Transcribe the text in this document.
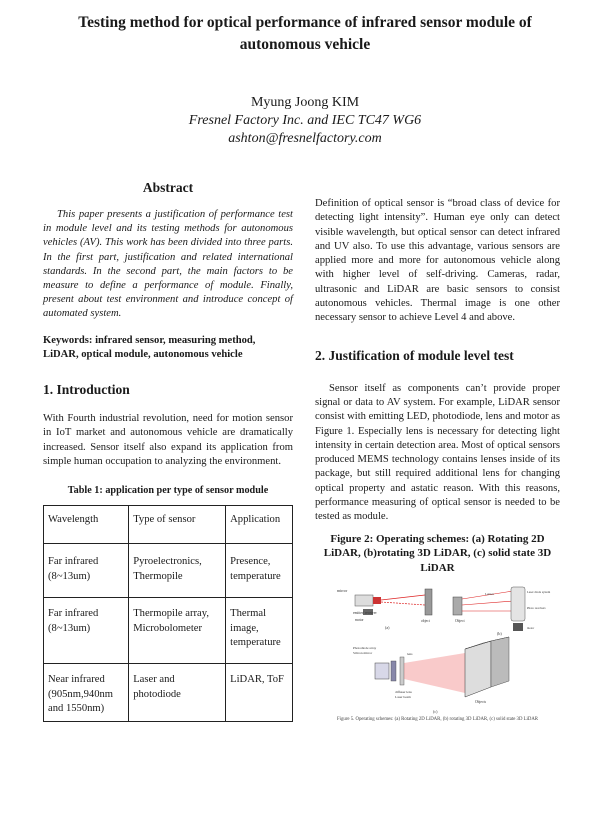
Testing method for optical performance of infrared sensor module of autonomous vehicle
Myung Joong KIM
Fresnel Factory Inc. and IEC TC47 WG6
ashton@fresnelfactory.com
Abstract

This paper presents a justification of performance test in module level and its testing methods for autonomous vehicles (AV). This work has been divided into three parts. In the first part, justification and related international standards. In the second part, the main factors to be measure to define a performance of module. Finally, present about test environment and introduce concept of automated system.

Keywords: infrared sensor, measuring method, LiDAR, optical module, autonomous vehicle
1. Introduction

With Fourth industrial revolution, need for motion sensor in IoT market and autonomous vehicle are dramatically increased. Sensor itself also expand its application from simple human occupation to analyzing the environment.

Table 1: application per type of sensor module
Wavelength	Type of sensor	Application
Far infrared (8~13um)	Pyroelectronics, Thermopile	Presence, temperature
Far infrared (8~13um)	Thermopile array, Microbolometer	Thermal image, temperature
Near infrared (905nm,940nm and 1550nm)	Laser and photodiode	LiDAR, ToF

Definition of optical sensor is “broad class of device for detecting light intensity”. Human eye only can detect visible wavelength, but optical sensor can detect infrared and UV also. To use this advantage, various sensors are applied more and more for autonomous vehicle along with higher level of self-driving. Cameras, radar, ultrasonic and LiDAR are basic sensors to consist autonomous vehicles. Thermal image is one other necessary sensor to achieve Level 4 and above.

2. Justification of module level test

Sensor itself as components can’t provide proper signal or data to AV system. For example, LiDAR sensor consist with emitting LED, photodiode, lens and motor as Figure 1. Especially lens is necessary for detecting light intensity in certain detection area. Most of optical sensors produced MEMS technology contains lenses inside of its package, but still required additional lens for changing optical property and astatic reason. With this reasons, performance measuring of optical sensor is needed to be tested as module.

Figure 2: Operating schemes: (a) Rotating 2D LiDAR, (b)rotating 3D LiDAR, (c) solid state 3D LiDAR
mirror
emitter/ receiver
motor	object
(a)
Object
Lenses	Laser diode system
Photo receivers
motor
(b)
Photodiode array
Silicon mirror	lens
diffuser lens
Laser beam
Objects
(c)
Figure 5. Operating schemes: (a) Rotating 2D LiDAR, (b) rotating 3D LiDAR, (c) solid state 3D LiDAR
